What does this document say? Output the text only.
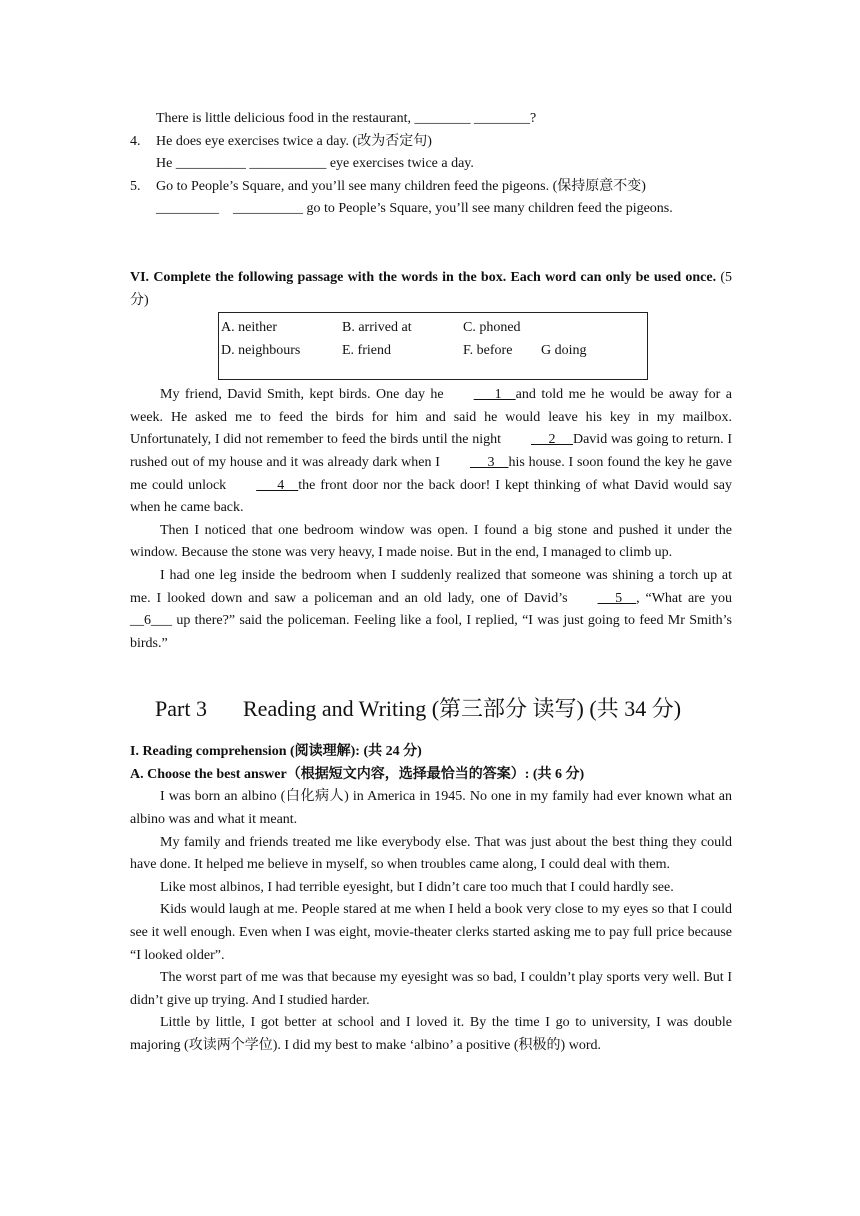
There is little delicious food in the restaurant, ________ ________?
4.	He does eye exercises twice a day. (改为否定句)
He __________ ___________ eye exercises twice a day.
5.	Go to People’s Square, and you’ll see many children feed the pigeons. (保持原意不变)
_________    __________ go to People’s Square, you’ll see many children feed the pigeons.
VI. Complete the following passage with the words in the box. Each word can only be used once. (5 分)
A. neither	B. arrived at	C. phoned
D. neighbours	E. friend	F. before	G doing
My friend, David Smith, kept birds. One day he      1    and told me he would be away for a week. He asked me to feed the birds for him and said he would leave his key in my mailbox. Unfortunately, I did not remember to feed the birds until the night     2     David was going to return. I rushed out of my house and it was already dark when I     3    his house. I soon found the key he gave me could unlock      4    the front door nor the back door! I kept thinking of what David would say when he came back.
Then I noticed that one bedroom window was open. I found a big stone and pushed it under the window. Because the stone was very heavy, I made noise. But in the end, I managed to climb up.
I had one leg inside the bedroom when I suddenly realized that someone was shining a torch up at me. I looked down and saw a policeman and an old lady, one of David’s     5    , “What are you __6___ up there?” said the policeman. Feeling like a fool, I replied, “I was just going to feed Mr Smith’s birds.”
Part 3	Reading and Writing (第三部分 读写) (共 34 分)
I. Reading comprehension (阅读理解): (共 24 分)
A. Choose the best answer（根据短文内容，选择最恰当的答案）: (共 6 分)
I was born an albino (白化病人) in America in 1945. No one in my family had ever known what an albino was and what it meant.
My family and friends treated me like everybody else. That was just about the best thing they could have done. It helped me believe in myself, so when troubles came along, I could deal with them.
Like most albinos, I had terrible eyesight, but I didn’t care too much that I could hardly see.
Kids would laugh at me. People stared at me when I held a book very close to my eyes so that I could see it well enough. Even when I was eight, movie-theater clerks started asking me to pay full price because “I looked older”.
The worst part of me was that because my eyesight was so bad, I couldn’t play sports very well. But I didn’t give up trying. And I studied harder.
Little by little, I got better at school and I loved it. By the time I go to university, I was double majoring (攻读两个学位). I did my best to make ‘albino’ a positive (积极的) word.
